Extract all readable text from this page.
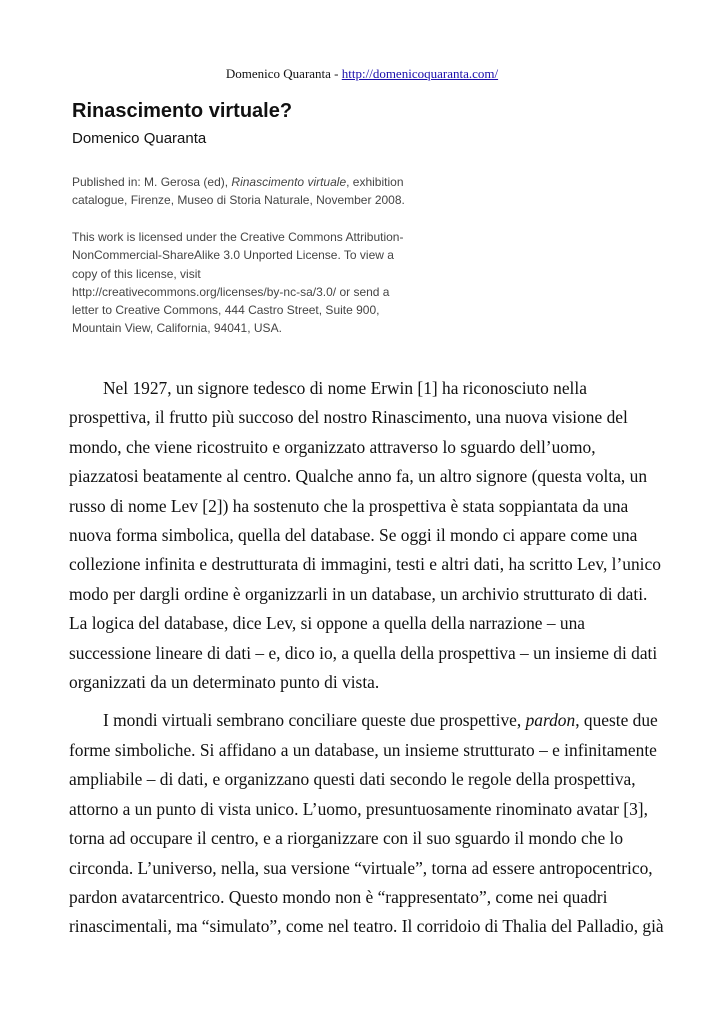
Domenico Quaranta - http://domenicoquaranta.com/
Rinascimento virtuale?
Domenico Quaranta

Published in: M. Gerosa (ed), Rinascimento virtuale, exhibition
catalogue, Firenze, Museo di Storia Naturale, November 2008.

This work is licensed under the Creative Commons Attribution-
NonCommercial-ShareAlike 3.0 Unported License. To view a
copy of this license, visit
http://creativecommons.org/licenses/by-nc-sa/3.0/ or send a
letter to Creative Commons, 444 Castro Street, Suite 900,
Mountain View, California, 94041, USA.

Nel 1927, un signore tedesco di nome Erwin [1] ha riconosciuto nella
prospettiva, il frutto più succoso del nostro Rinascimento, una nuova visione del
mondo, che viene ricostruito e organizzato attraverso lo sguardo dell’uomo,
piazzatosi beatamente al centro. Qualche anno fa, un altro signore (questa volta, un
russo di nome Lev [2]) ha sostenuto che la prospettiva è stata soppiantata da una
nuova forma simbolica, quella del database. Se oggi il mondo ci appare come una
collezione infinita e destrutturata di immagini, testi e altri dati, ha scritto Lev, l’unico
modo per dargli ordine è organizzarli in un database, un archivio strutturato di dati.
La logica del database, dice Lev, si oppone a quella della narrazione – una
successione lineare di dati – e, dico io, a quella della prospettiva – un insieme di dati
organizzati da un determinato punto di vista.

I mondi virtuali sembrano conciliare queste due prospettive, pardon, queste due
forme simboliche. Si affidano a un database, un insieme strutturato – e infinitamente
ampliabile – di dati, e organizzano questi dati secondo le regole della prospettiva,
attorno a un punto di vista unico. L’uomo, presuntuosamente rinominato avatar [3],
torna ad occupare il centro, e a riorganizzare con il suo sguardo il mondo che lo
circonda. L’universo, nella, sua versione “virtuale”, torna ad essere antropocentrico,
pardon avatarcentrico. Questo mondo non è “rappresentato”, come nei quadri
rinascimentali, ma “simulato”, come nel teatro. Il corridoio di Thalia del Palladio, già
